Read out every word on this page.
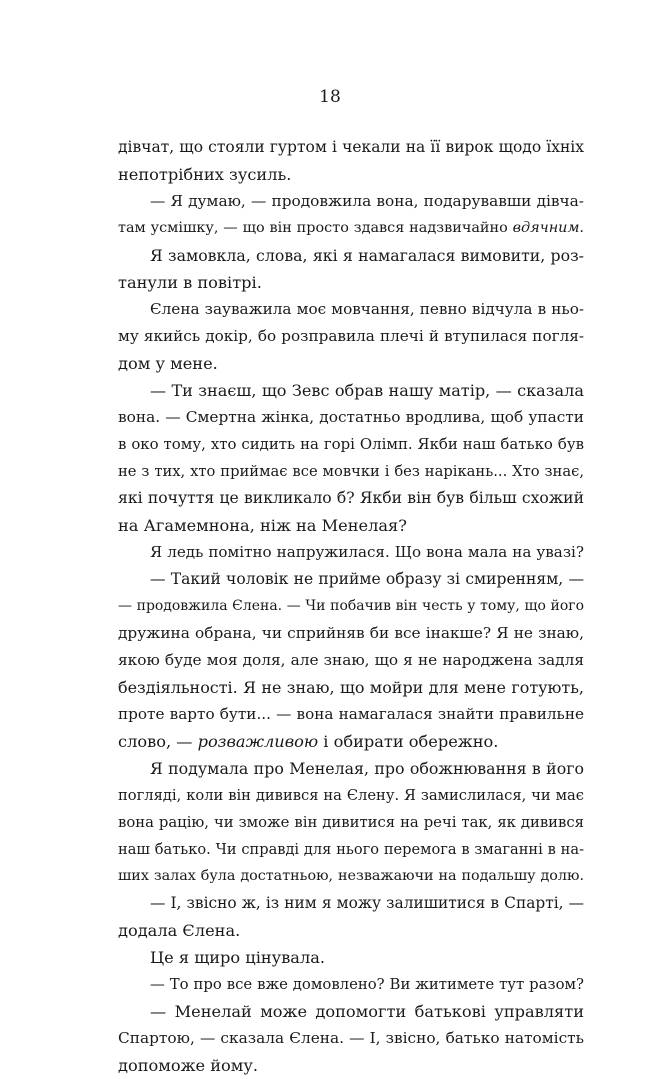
18
дівчат, що стояли гуртом і чекали на її вирок щодо їхніх
непотрібних зусиль.
— Я думаю, — продовжила вона, подарувавши дівча-
там усмішку, — що він просто здався надзвичайно вдячним.
Я замовкла, слова, які я намагалася вимовити, роз-
танули в повітрі.
Єлена зауважила моє мовчання, певно відчула в ньо-
му якийсь докір, бо розправила плечі й втупилася погля-
дом у мене.
— Ти знаєш, що Зевс обрав нашу матір, — сказала
вона. — Смертна жінка, достатньо вродлива, щоб упасти
в око тому, хто сидить на горі Олімп. Якби наш батько був
не з тих, хто приймає все мовчки і без нарікань... Хто знає,
які почуття це викликало б? Якби він був більш схожий
на Агамемнона, ніж на Менелая?
Я ледь помітно напружилася. Що вона мала на увазі?
— Такий чоловік не прийме образу зі смиренням, —
— продовжила Єлена. — Чи побачив він честь у тому, що його
дружина обрана, чи сприйняв би все інакше? Я не знаю,
якою буде моя доля, але знаю, що я не народжена задля
бездіяльності. Я не знаю, що мойри для мене готують,
проте варто бути... — вона намагалася знайти правильне
слово, — розважливою і обирати обережно.
Я подумала про Менелая, про обожнювання в його
погляді, коли він дивився на Єлену. Я замислилася, чи має
вона рацію, чи зможе він дивитися на речі так, як дивився
наш батько. Чи справді для нього перемога в змаганні в на-
ших залах була достатньою, незважаючи на подальшу долю.
— І, звісно ж, із ним я можу залишитися в Спарті, —
додала Єлена.
Це я щиро цінувала.
— То про все вже домовлено? Ви житимете тут разом?
— Менелай може допомогти батькові управляти
Спартою, — сказала Єлена. — І, звісно, батько натомість
допоможе йому.
